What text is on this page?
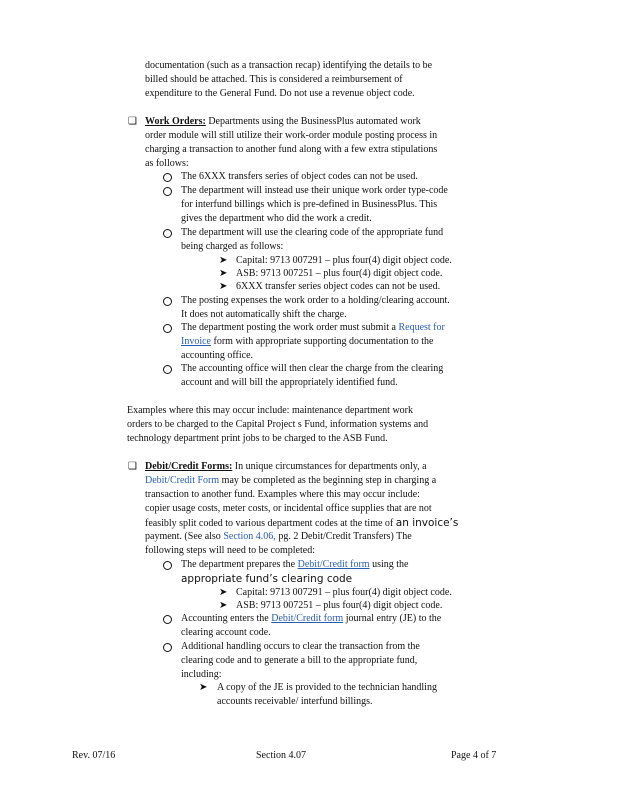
documentation (such as a transaction recap) identifying the details to be
billed should be attached. This is considered a reimbursement of
expenditure to the General Fund. Do not use a revenue object code.
❑ Work Orders: Departments using the BusinessPlus automated work
order module will still utilize their work-order module posting process in
charging a transaction to another fund along with a few extra stipulations
as follows:
The 6XXX transfers series of object codes can not be used.
The department will instead use their unique work order type-code
for interfund billings which is pre-defined in BusinessPlus. This
gives the department who did the work a credit.
The department will use the clearing code of the appropriate fund
being charged as follows:
➤ Capital: 9713 007291 – plus four(4) digit object code.
➤ ASB: 9713 007251 – plus four(4) digit object code.
➤ 6XXX transfer series object codes can not be used.
The posting expenses the work order to a holding/clearing account.
It does not automatically shift the charge.
The department posting the work order must submit a Request for
Invoice form with appropriate supporting documentation to the
accounting office.
The accounting office will then clear the charge from the clearing
account and will bill the appropriately identified fund.
Examples where this may occur include: maintenance department work
orders to be charged to the Capital Project s Fund, information systems and
technology department print jobs to be charged to the ASB Fund.
❑ Debit/Credit Forms: In unique circumstances for departments only, a
Debit/Credit Form may be completed as the beginning step in charging a
transaction to another fund. Examples where this may occur include:
copier usage costs, meter costs, or incidental office supplies that are not
feasibly split coded to various department codes at the time of an invoice’s
payment. (See also Section 4.06, pg. 2 Debit/Credit Transfers) The
following steps will need to be completed:
The department prepares the Debit/Credit form using the
appropriate fund’s clearing code
➤ Capital: 9713 007291 – plus four(4) digit object code.
➤ ASB: 9713 007251 – plus four(4) digit object code.
Accounting enters the Debit/Credit form journal entry (JE) to the
clearing account code.
Additional handling occurs to clear the transaction from the
clearing code and to generate a bill to the appropriate fund,
including:
➤ A copy of the JE is provided to the technician handling
accounts receivable/ interfund billings.
Rev. 07/16	Section 4.07	Page 4 of 7
